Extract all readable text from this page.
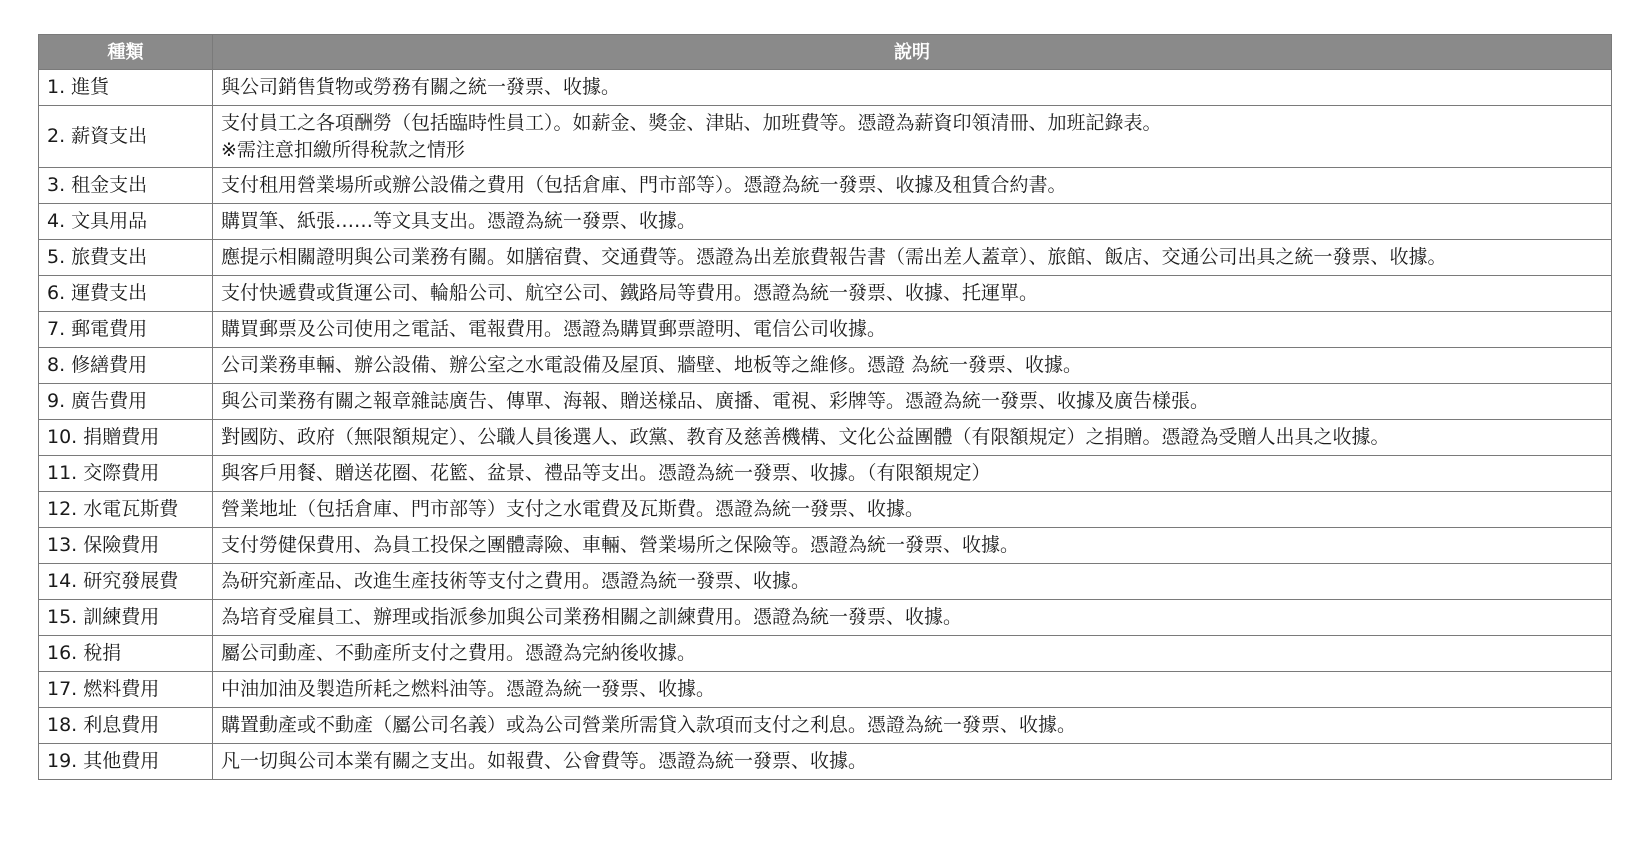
種類	說明
1. 進貨	與公司銷售貨物或勞務有關之統一發票、收據。

2. 薪資支出	支付員工之各項酬勞（包括臨時性員工）。如薪金、獎金、津貼、加班費等。憑證為薪資印領清冊、加班記錄表。
※需注意扣繳所得稅款之情形

3. 租金支出	支付租用營業場所或辦公設備之費用（包括倉庫、門市部等）。憑證為統一發票、收據及租賃合約書。

4. 文具用品	購買筆、紙張……等文具支出。憑證為統一發票、收據。

5. 旅費支出	應提示相關證明與公司業務有關。如膳宿費、交通費等。憑證為出差旅費報告書（需出差人蓋章）、旅館、飯店、交通公司出具之統一發票、收據。

6. 運費支出	支付快遞費或貨運公司、輪船公司、航空公司、鐵路局等費用。憑證為統一發票、收據、托運單。

7. 郵電費用	購買郵票及公司使用之電話、電報費用。憑證為購買郵票證明、電信公司收據。

8. 修繕費用	公司業務車輛、辦公設備、辦公室之水電設備及屋頂、牆壁、地板等之維修。憑證 為統一發票、收據。

9. 廣告費用	與公司業務有關之報章雜誌廣告、傳單、海報、贈送樣品、廣播、電視、彩牌等。憑證為統一發票、收據及廣告樣張。

10. 捐贈費用	對國防、政府（無限額規定）、公職人員後選人、政黨、教育及慈善機構、文化公益團體（有限額規定）之捐贈。憑證為受贈人出具之收據。

11. 交際費用	與客戶用餐、贈送花圈、花籃、盆景、禮品等支出。憑證為統一發票、收據。（有限額規定）

12. 水電瓦斯費	營業地址（包括倉庫、門市部等）支付之水電費及瓦斯費。憑證為統一發票、收據。

13. 保險費用	支付勞健保費用、為員工投保之團體壽險、車輛、營業場所之保險等。憑證為統一發票、收據。

14. 研究發展費	為研究新產品、改進生產技術等支付之費用。憑證為統一發票、收據。

15. 訓練費用	為培育受雇員工、辦理或指派參加與公司業務相關之訓練費用。憑證為統一發票、收據。

16. 稅捐	屬公司動產、不動產所支付之費用。憑證為完納後收據。

17. 燃料費用	中油加油及製造所耗之燃料油等。憑證為統一發票、收據。

18. 利息費用	購置動產或不動產（屬公司名義）或為公司營業所需貸入款項而支付之利息。憑證為統一發票、收據。

19. 其他費用	凡一切與公司本業有關之支出。如報費、公會費等。憑證為統一發票、收據。
